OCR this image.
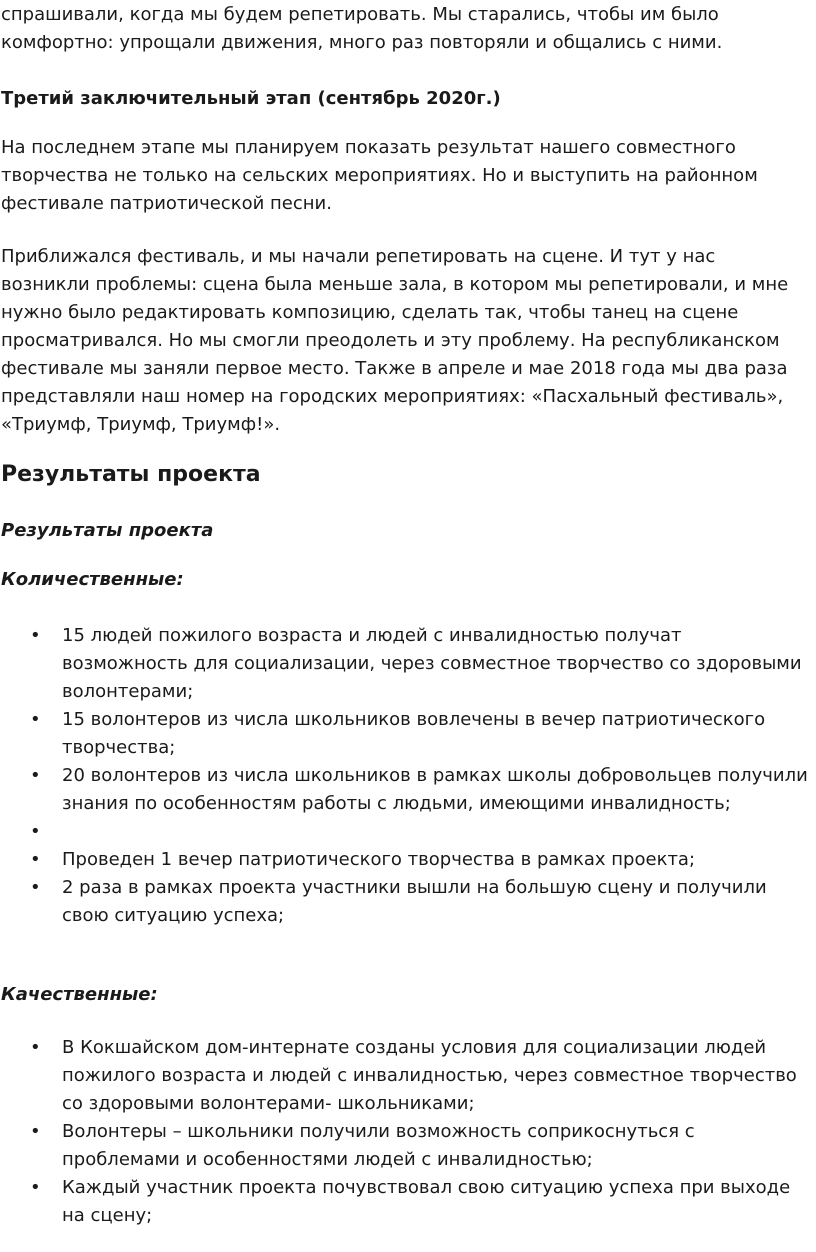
спрашивали, когда мы будем репетировать. Мы старались, чтобы им было комфортно: упрощали движения, много раз повторяли и общались с ними.

Третий заключительный этап (сентябрь 2020г.)

На последнем этапе мы планируем показать результат нашего совместного творчества не только на сельских мероприятиях. Но и выступить на районном фестивале патриотической песни.

Приближался фестиваль, и мы начали репетировать на сцене. И тут у нас возникли проблемы: сцена была меньше зала, в котором мы репетировали, и мне нужно было редактировать композицию, сделать так, чтобы танец на сцене просматривался. Но мы смогли преодолеть и эту проблему. На республиканском фестивале мы заняли первое место. Также в апреле и мае 2018 года мы два раза представляли наш номер на городских мероприятиях: «Пасхальный фестиваль», «Триумф, Триумф, Триумф!».

Результаты проекта

Результаты проекта

Количественные:

• 15 людей пожилого возраста и людей с инвалидностью получат возможность для социализации, через совместное творчество со здоровыми волонтерами;
• 15 волонтеров из числа школьников вовлечены в вечер патриотического творчества;
• 20 волонтеров из числа школьников в рамках школы добровольцев получили знания по особенностям работы с людьми, имеющими инвалидность;
•
• Проведен 1 вечер патриотического творчества в рамках проекта;
• 2 раза в рамках проекта участники вышли на большую сцену и получили свою ситуацию успеха;

Качественные:

• В Кокшайском дом-интернате созданы условия для социализации людей пожилого возраста и людей с инвалидностью, через совместное творчество со здоровыми волонтерами- школьниками;
• Волонтеры – школьники получили возможность соприкоснуться с проблемами и особенностями людей с инвалидностью;
• Каждый участник проекта почувствовал свою ситуацию успеха при выходе на сцену;
